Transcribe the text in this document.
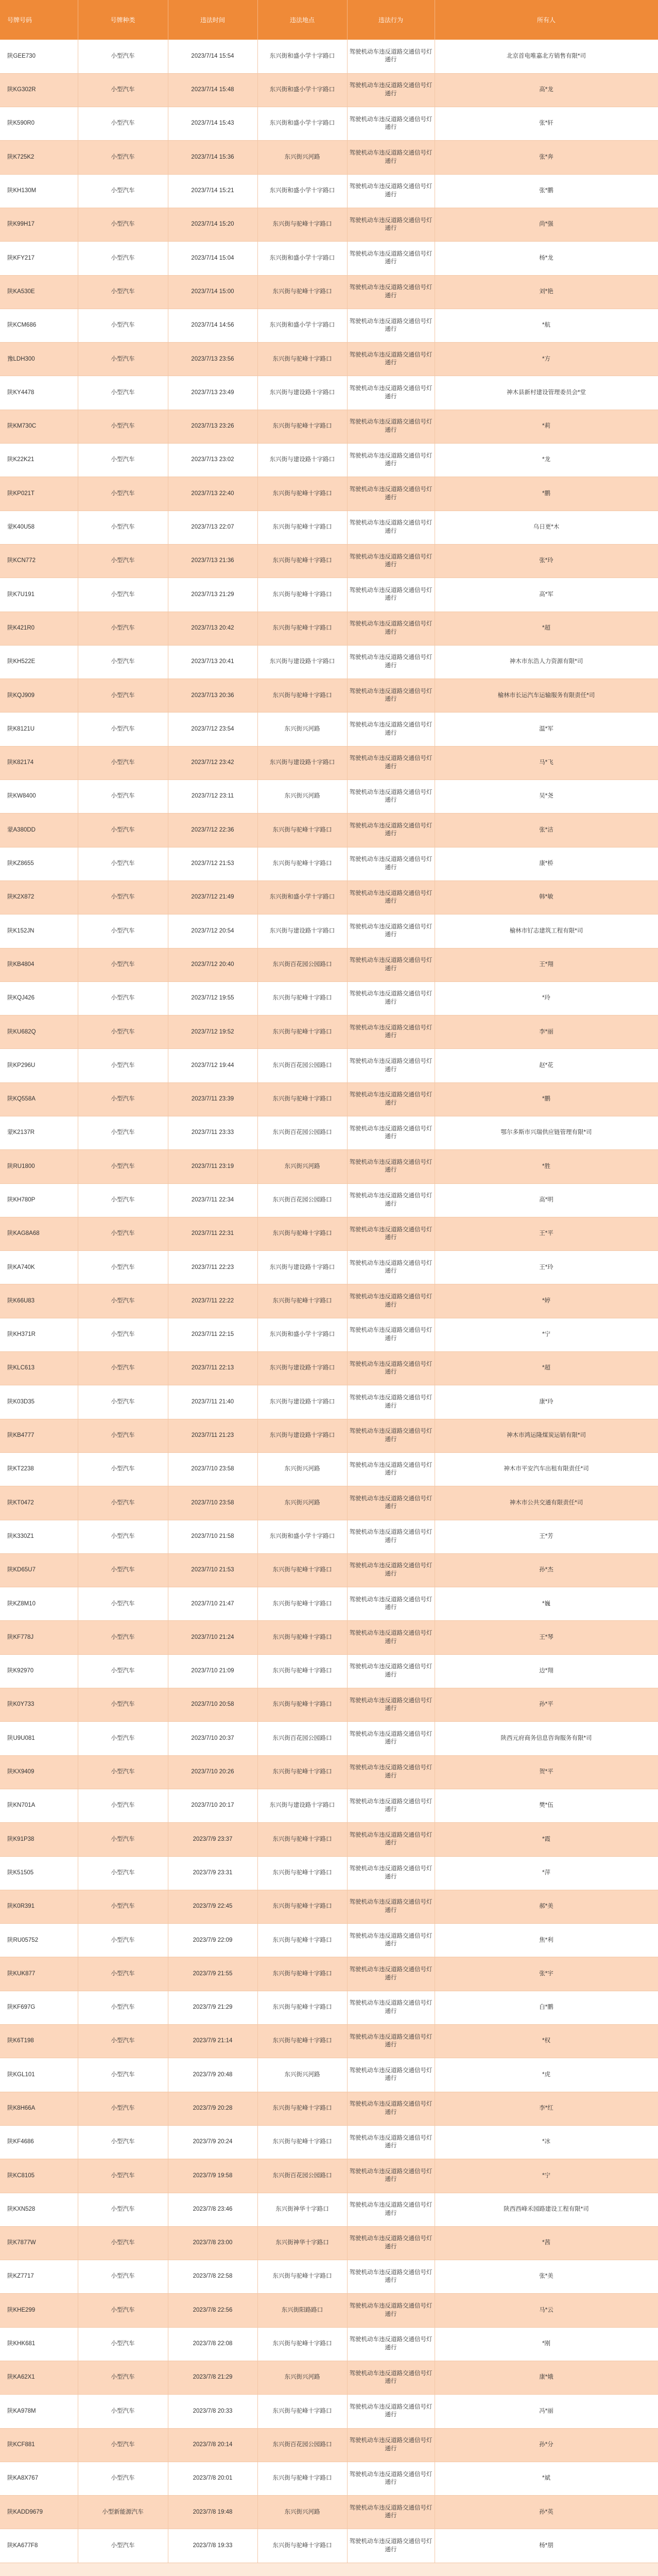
号牌号码	号牌种类	违法时间	违法地点	违法行为	所有人
陕GEE730	小型汽车	2023/7/14 15:54	东兴街和盛小学十字路口	驾驶机动车违反道路交通信号灯通行	北京首电唯嘉北方销售有限*司
陕KG302R	小型汽车	2023/7/14 15:48	东兴街和盛小学十字路口	驾驶机动车违反道路交通信号灯通行	高*龙
陕K590R0	小型汽车	2023/7/14 15:43	东兴街和盛小学十字路口	驾驶机动车违反道路交通信号灯通行	张*轩
陕K725K2	小型汽车	2023/7/14 15:36	东兴街兴河路	驾驶机动车违反道路交通信号灯通行	张*奔
陕KH130M	小型汽车	2023/7/14 15:21	东兴街和盛小学十字路口	驾驶机动车违反道路交通信号灯通行	张*鹏
陕K99H17	小型汽车	2023/7/14 15:20	东兴街与驼峰十字路口	驾驶机动车违反道路交通信号灯通行	尚*强
陕KFY217	小型汽车	2023/7/14 15:04	东兴街和盛小学十字路口	驾驶机动车违反道路交通信号灯通行	杨*龙
陕KA530E	小型汽车	2023/7/14 15:00	东兴街与驼峰十字路口	驾驶机动车违反道路交通信号灯通行	刘*艳
陕KCM686	小型汽车	2023/7/14 14:56	东兴街和盛小学十字路口	驾驶机动车违反道路交通信号灯通行	*航
豫LDH300	小型汽车	2023/7/13 23:56	东兴街与驼峰十字路口	驾驶机动车违反道路交通信号灯通行	*方
陕KY4478	小型汽车	2023/7/13 23:49	东兴街与建设路十字路口	驾驶机动车违反道路交通信号灯通行	神木县新村建设管理委员会*堂
陕KM730C	小型汽车	2023/7/13 23:26	东兴街与驼峰十字路口	驾驶机动车违反道路交通信号灯通行	*莉
陕K22K21	小型汽车	2023/7/13 23:02	东兴街与建设路十字路口	驾驶机动车违反道路交通信号灯通行	*龙
陕KP021T	小型汽车	2023/7/13 22:40	东兴街与驼峰十字路口	驾驶机动车违反道路交通信号灯通行	*鹏
蒙K40U58	小型汽车	2023/7/13 22:07	东兴街与驼峰十字路口	驾驶机动车违反道路交通信号灯通行	乌日更*木
陕KCN772	小型汽车	2023/7/13 21:36	东兴街与驼峰十字路口	驾驶机动车违反道路交通信号灯通行	张*玲
陕K7U191	小型汽车	2023/7/13 21:29	东兴街与驼峰十字路口	驾驶机动车违反道路交通信号灯通行	高*军
陕K421R0	小型汽车	2023/7/13 20:42	东兴街与驼峰十字路口	驾驶机动车违反道路交通信号灯通行	*超
陕KH522E	小型汽车	2023/7/13 20:41	东兴街与建设路十字路口	驾驶机动车违反道路交通信号灯通行	神木市东浩人力资源有限*司
陕KQJ909	小型汽车	2023/7/13 20:36	东兴街与驼峰十字路口	驾驶机动车违反道路交通信号灯通行	榆林市长运汽车运输服务有限责任*司
陕K8121U	小型汽车	2023/7/12 23:54	东兴街兴河路	驾驶机动车违反道路交通信号灯通行	温*军
陕K82174	小型汽车	2023/7/12 23:42	东兴街与建设路十字路口	驾驶机动车违反道路交通信号灯通行	马*飞
陕KW8400	小型汽车	2023/7/12 23:11	东兴街兴河路	驾驶机动车违反道路交通信号灯通行	吴*尧
蒙A380DD	小型汽车	2023/7/12 22:36	东兴街与驼峰十字路口	驾驶机动车违反道路交通信号灯通行	张*洁
陕KZ8655	小型汽车	2023/7/12 21:53	东兴街与驼峰十字路口	驾驶机动车违反道路交通信号灯通行	康*桥
陕K2X872	小型汽车	2023/7/12 21:49	东兴街和盛小学十字路口	驾驶机动车违反道路交通信号灯通行	韩*敏
陕K152JN	小型汽车	2023/7/12 20:54	东兴街与建设路十字路口	驾驶机动车违反道路交通信号灯通行	榆林市钌志建筑工程有限*司
陕KB4804	小型汽车	2023/7/12 20:40	东兴街百花园公园路口	驾驶机动车违反道路交通信号灯通行	王*翔
陕KQJ426	小型汽车	2023/7/12 19:55	东兴街与驼峰十字路口	驾驶机动车违反道路交通信号灯通行	*玲
陕KU682Q	小型汽车	2023/7/12 19:52	东兴街与驼峰十字路口	驾驶机动车违反道路交通信号灯通行	李*丽
陕KP296U	小型汽车	2023/7/12 19:44	东兴街百花园公园路口	驾驶机动车违反道路交通信号灯通行	赵*花
陕KQ558A	小型汽车	2023/7/11 23:39	东兴街与驼峰十字路口	驾驶机动车违反道路交通信号灯通行	*鹏
蒙K2137R	小型汽车	2023/7/11 23:33	东兴街百花园公园路口	驾驶机动车违反道路交通信号灯通行	鄂尔多斯市兴瑞供应链管理有限*司
陕RU1800	小型汽车	2023/7/11 23:19	东兴街兴河路	驾驶机动车违反道路交通信号灯通行	*胜
陕KH780P	小型汽车	2023/7/11 22:34	东兴街百花园公园路口	驾驶机动车违反道路交通信号灯通行	高*明
陕KAG8A68	小型汽车	2023/7/11 22:31	东兴街与驼峰十字路口	驾驶机动车违反道路交通信号灯通行	王*平
陕KA740K	小型汽车	2023/7/11 22:23	东兴街与建设路十字路口	驾驶机动车违反道路交通信号灯通行	王*玲
陕K66U83	小型汽车	2023/7/11 22:22	东兴街与驼峰十字路口	驾驶机动车违反道路交通信号灯通行	*婷
陕KH371R	小型汽车	2023/7/11 22:15	东兴街和盛小学十字路口	驾驶机动车违反道路交通信号灯通行	*宁
陕KLC613	小型汽车	2023/7/11 22:13	东兴街与建设路十字路口	驾驶机动车违反道路交通信号灯通行	*超
陕K03D35	小型汽车	2023/7/11 21:40	东兴街与建设路十字路口	驾驶机动车违反道路交通信号灯通行	康*玲
陕KB4777	小型汽车	2023/7/11 21:23	东兴街与建设路十字路口	驾驶机动车违反道路交通信号灯通行	神木市鸿运隆煤炭运销有限*司
陕KT2238	小型汽车	2023/7/10 23:58	东兴街兴河路	驾驶机动车违反道路交通信号灯通行	神木市平安汽车出租有限责任*司
陕KT0472	小型汽车	2023/7/10 23:58	东兴街兴河路	驾驶机动车违反道路交通信号灯通行	神木市公共交通有限责任*司
陕K330Z1	小型汽车	2023/7/10 21:58	东兴街和盛小学十字路口	驾驶机动车违反道路交通信号灯通行	王*芳
陕KD65U7	小型汽车	2023/7/10 21:53	东兴街与驼峰十字路口	驾驶机动车违反道路交通信号灯通行	孙*杰
陕KZ8M10	小型汽车	2023/7/10 21:47	东兴街与驼峰十字路口	驾驶机动车违反道路交通信号灯通行	*巍
陕KF778J	小型汽车	2023/7/10 21:24	东兴街与驼峰十字路口	驾驶机动车违反道路交通信号灯通行	王*琴
陕K92970	小型汽车	2023/7/10 21:09	东兴街与驼峰十字路口	驾驶机动车违反道路交通信号灯通行	边*翔
陕K0Y733	小型汽车	2023/7/10 20:58	东兴街与驼峰十字路口	驾驶机动车违反道路交通信号灯通行	孙*平
陕U9U081	小型汽车	2023/7/10 20:37	东兴街百花园公园路口	驾驶机动车违反道路交通信号灯通行	陕西元府商务信息咨询服务有限*司
陕KX9409	小型汽车	2023/7/10 20:26	东兴街与驼峰十字路口	驾驶机动车违反道路交通信号灯通行	贺*平
陕KN701A	小型汽车	2023/7/10 20:17	东兴街与建设路十字路口	驾驶机动车违反道路交通信号灯通行	樊*伍
陕K91P38	小型汽车	2023/7/9 23:37	东兴街与驼峰十字路口	驾驶机动车违反道路交通信号灯通行	*霞
陕K51505	小型汽车	2023/7/9 23:31	东兴街与驼峰十字路口	驾驶机动车违反道路交通信号灯通行	*萍
陕K0R391	小型汽车	2023/7/9 22:45	东兴街与驼峰十字路口	驾驶机动车违反道路交通信号灯通行	郝*美
陕RU05752	小型汽车	2023/7/9 22:09	东兴街与驼峰十字路口	驾驶机动车违反道路交通信号灯通行	焦*利
陕KUK877	小型汽车	2023/7/9 21:55	东兴街与驼峰十字路口	驾驶机动车违反道路交通信号灯通行	张*宇
陕KF697G	小型汽车	2023/7/9 21:29	东兴街与驼峰十字路口	驾驶机动车违反道路交通信号灯通行	白*鹏
陕K6T198	小型汽车	2023/7/9 21:14	东兴街与驼峰十字路口	驾驶机动车违反道路交通信号灯通行	*权
陕KGL101	小型汽车	2023/7/9 20:48	东兴街兴河路	驾驶机动车违反道路交通信号灯通行	*虎
陕K8H66A	小型汽车	2023/7/9 20:28	东兴街与驼峰十字路口	驾驶机动车违反道路交通信号灯通行	李*红
陕KF4686	小型汽车	2023/7/9 20:24	东兴街与驼峰十字路口	驾驶机动车违反道路交通信号灯通行	*冰
陕KC8105	小型汽车	2023/7/9 19:58	东兴街百花园公园路口	驾驶机动车违反道路交通信号灯通行	*宁
陕KXN528	小型汽车	2023/7/8 23:46	东兴街神华十字路口	驾驶机动车违反道路交通信号灯通行	陕西西峰禾园路建设工程有限*司
陕K7877W	小型汽车	2023/7/8 23:00	东兴街神华十字路口	驾驶机动车违反道路交通信号灯通行	*茜
陕KZ7717	小型汽车	2023/7/8 22:58	东兴街与驼峰十字路口	驾驶机动车违反道路交通信号灯通行	张*美
陕KHE299	小型汽车	2023/7/8 22:56	东兴街阳路路口	驾驶机动车违反道路交通信号灯通行	马*云
陕KHK681	小型汽车	2023/7/8 22:08	东兴街与驼峰十字路口	驾驶机动车违反道路交通信号灯通行	*刚
陕KA62X1	小型汽车	2023/7/8 21:29	东兴街兴河路	驾驶机动车违反道路交通信号灯通行	康*娥
陕KA978M	小型汽车	2023/7/8 20:33	东兴街与驼峰十字路口	驾驶机动车违反道路交通信号灯通行	冯*丽
陕KCF881	小型汽车	2023/7/8 20:14	东兴街百花园公园路口	驾驶机动车违反道路交通信号灯通行	孙*分
陕KA8X767	小型汽车	2023/7/8 20:01	东兴街与驼峰十字路口	驾驶机动车违反道路交通信号灯通行	*斌
陕KADD9679	小型新能源汽车	2023/7/8 19:48	东兴街兴河路	驾驶机动车违反道路交通信号灯通行	孙*英
陕KA677F8	小型汽车	2023/7/8 19:33	东兴街与驼峰十字路口	驾驶机动车违反道路交通信号灯通行	杨*朋
